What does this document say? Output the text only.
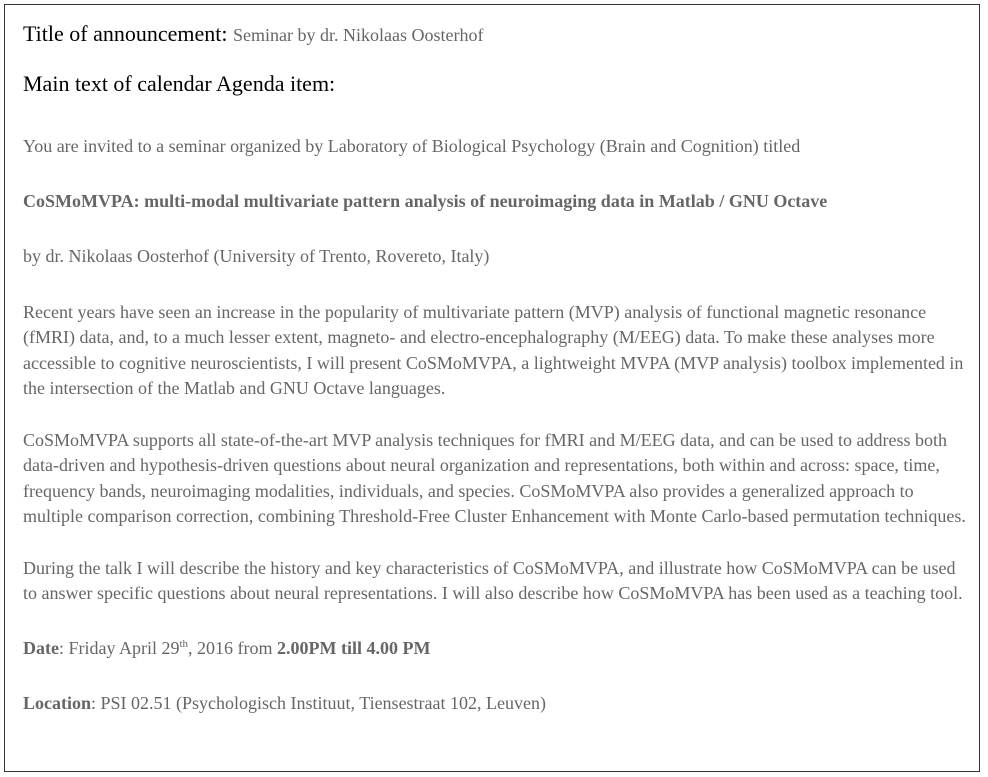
Title of announcement: Seminar by dr. Nikolaas Oosterhof
Main text of calendar Agenda item:

You are invited to a seminar organized by Laboratory of Biological Psychology (Brain and Cognition) titled

CoSMoMVPA: multi-modal multivariate pattern analysis of neuroimaging data in Matlab / GNU Octave

by dr. Nikolaas Oosterhof (University of Trento, Rovereto, Italy)

Recent years have seen an increase in the popularity of multivariate pattern (MVP) analysis of functional magnetic resonance (fMRI) data, and, to a much lesser extent, magneto- and electro-encephalography (M/EEG) data. To make these analyses more accessible to cognitive neuroscientists, I will present CoSMoMVPA, a lightweight MVPA (MVP analysis) toolbox implemented in the intersection of the Matlab and GNU Octave languages.

CoSMoMVPA supports all state-of-the-art MVP analysis techniques for fMRI and M/EEG data, and can be used to address both data-driven and hypothesis-driven questions about neural organization and representations, both within and across: space, time, frequency bands, neuroimaging modalities, individuals, and species. CoSMoMVPA also provides a generalized approach to multiple comparison correction, combining Threshold-Free Cluster Enhancement with Monte Carlo-based permutation techniques.

During the talk I will describe the history and key characteristics of CoSMoMVPA, and illustrate how CoSMoMVPA can be used to answer specific questions about neural representations. I will also describe how CoSMoMVPA has been used as a teaching tool.

Date: Friday April 29th, 2016 from 2.00PM till 4.00 PM

Location: PSI 02.51 (Psychologisch Instituut, Tiensestraat 102, Leuven)
